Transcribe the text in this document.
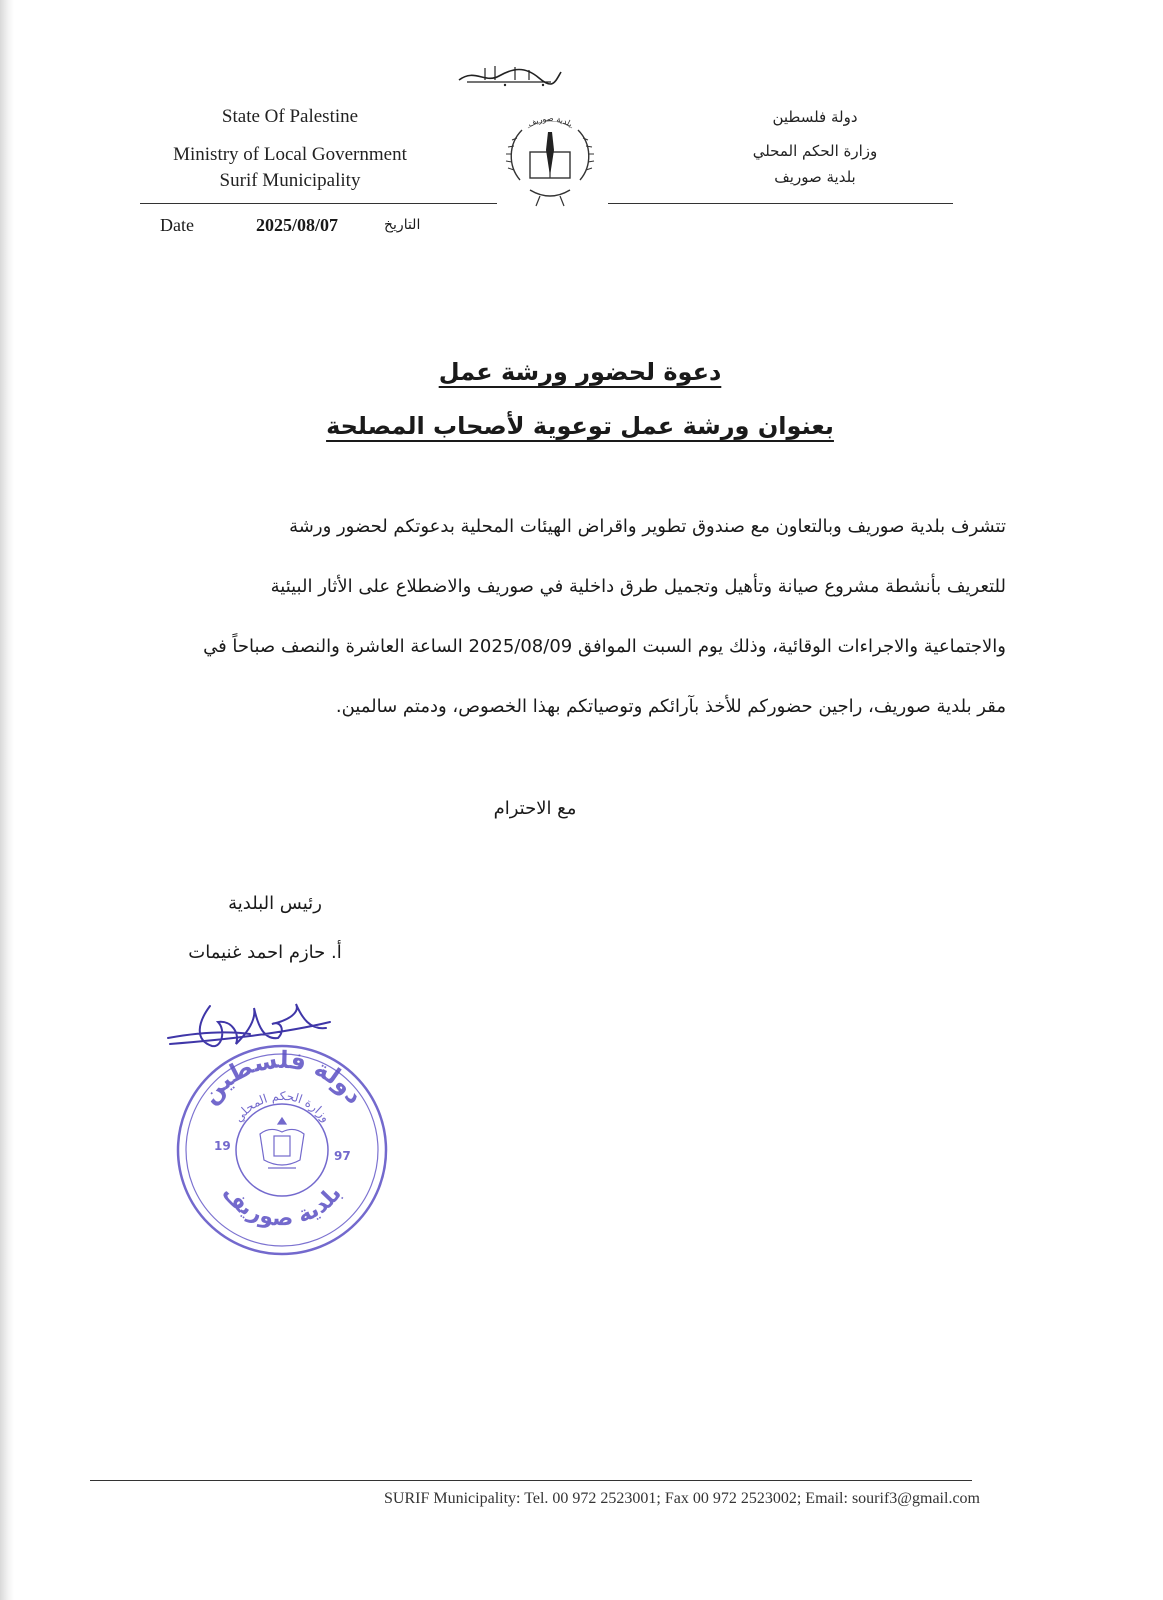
State Of Palestine
Ministry of Local Government
Surif Municipality
دولة فلسطين
وزارة الحكم المحلي
بلدية صوريف
بلدية صوريف
Date	2025/08/07	التاريخ
دعوة لحضور ورشة عمل
بعنوان ورشة عمل توعوية لأصحاب المصلحة
تتشرف بلدية صوريف وبالتعاون مع صندوق تطوير واقراض الهيئات المحلية بدعوتكم لحضور ورشة
للتعريف بأنشطة مشروع صيانة وتأهيل وتجميل طرق داخلية في صوريف والاضطلاع على الأثار البيئية
والاجتماعية والاجراءات الوقائية، وذلك يوم السبت الموافق 2025/08/09 الساعة العاشرة والنصف صباحاً في
مقر بلدية صوريف، راجين حضوركم للأخذ بآرائكم وتوصياتكم بهذا الخصوص، ودمتم سالمين.
مع الاحترام
رئيس البلدية
أ. حازم احمد غنيمات
دولة فلسطين
وزارة الحكم المحلي
بلدية صوريف
19
97
SURIF Municipality: Tel. 00 972 2523001; Fax 00 972 2523002; Email: sourif3@gmail.com
